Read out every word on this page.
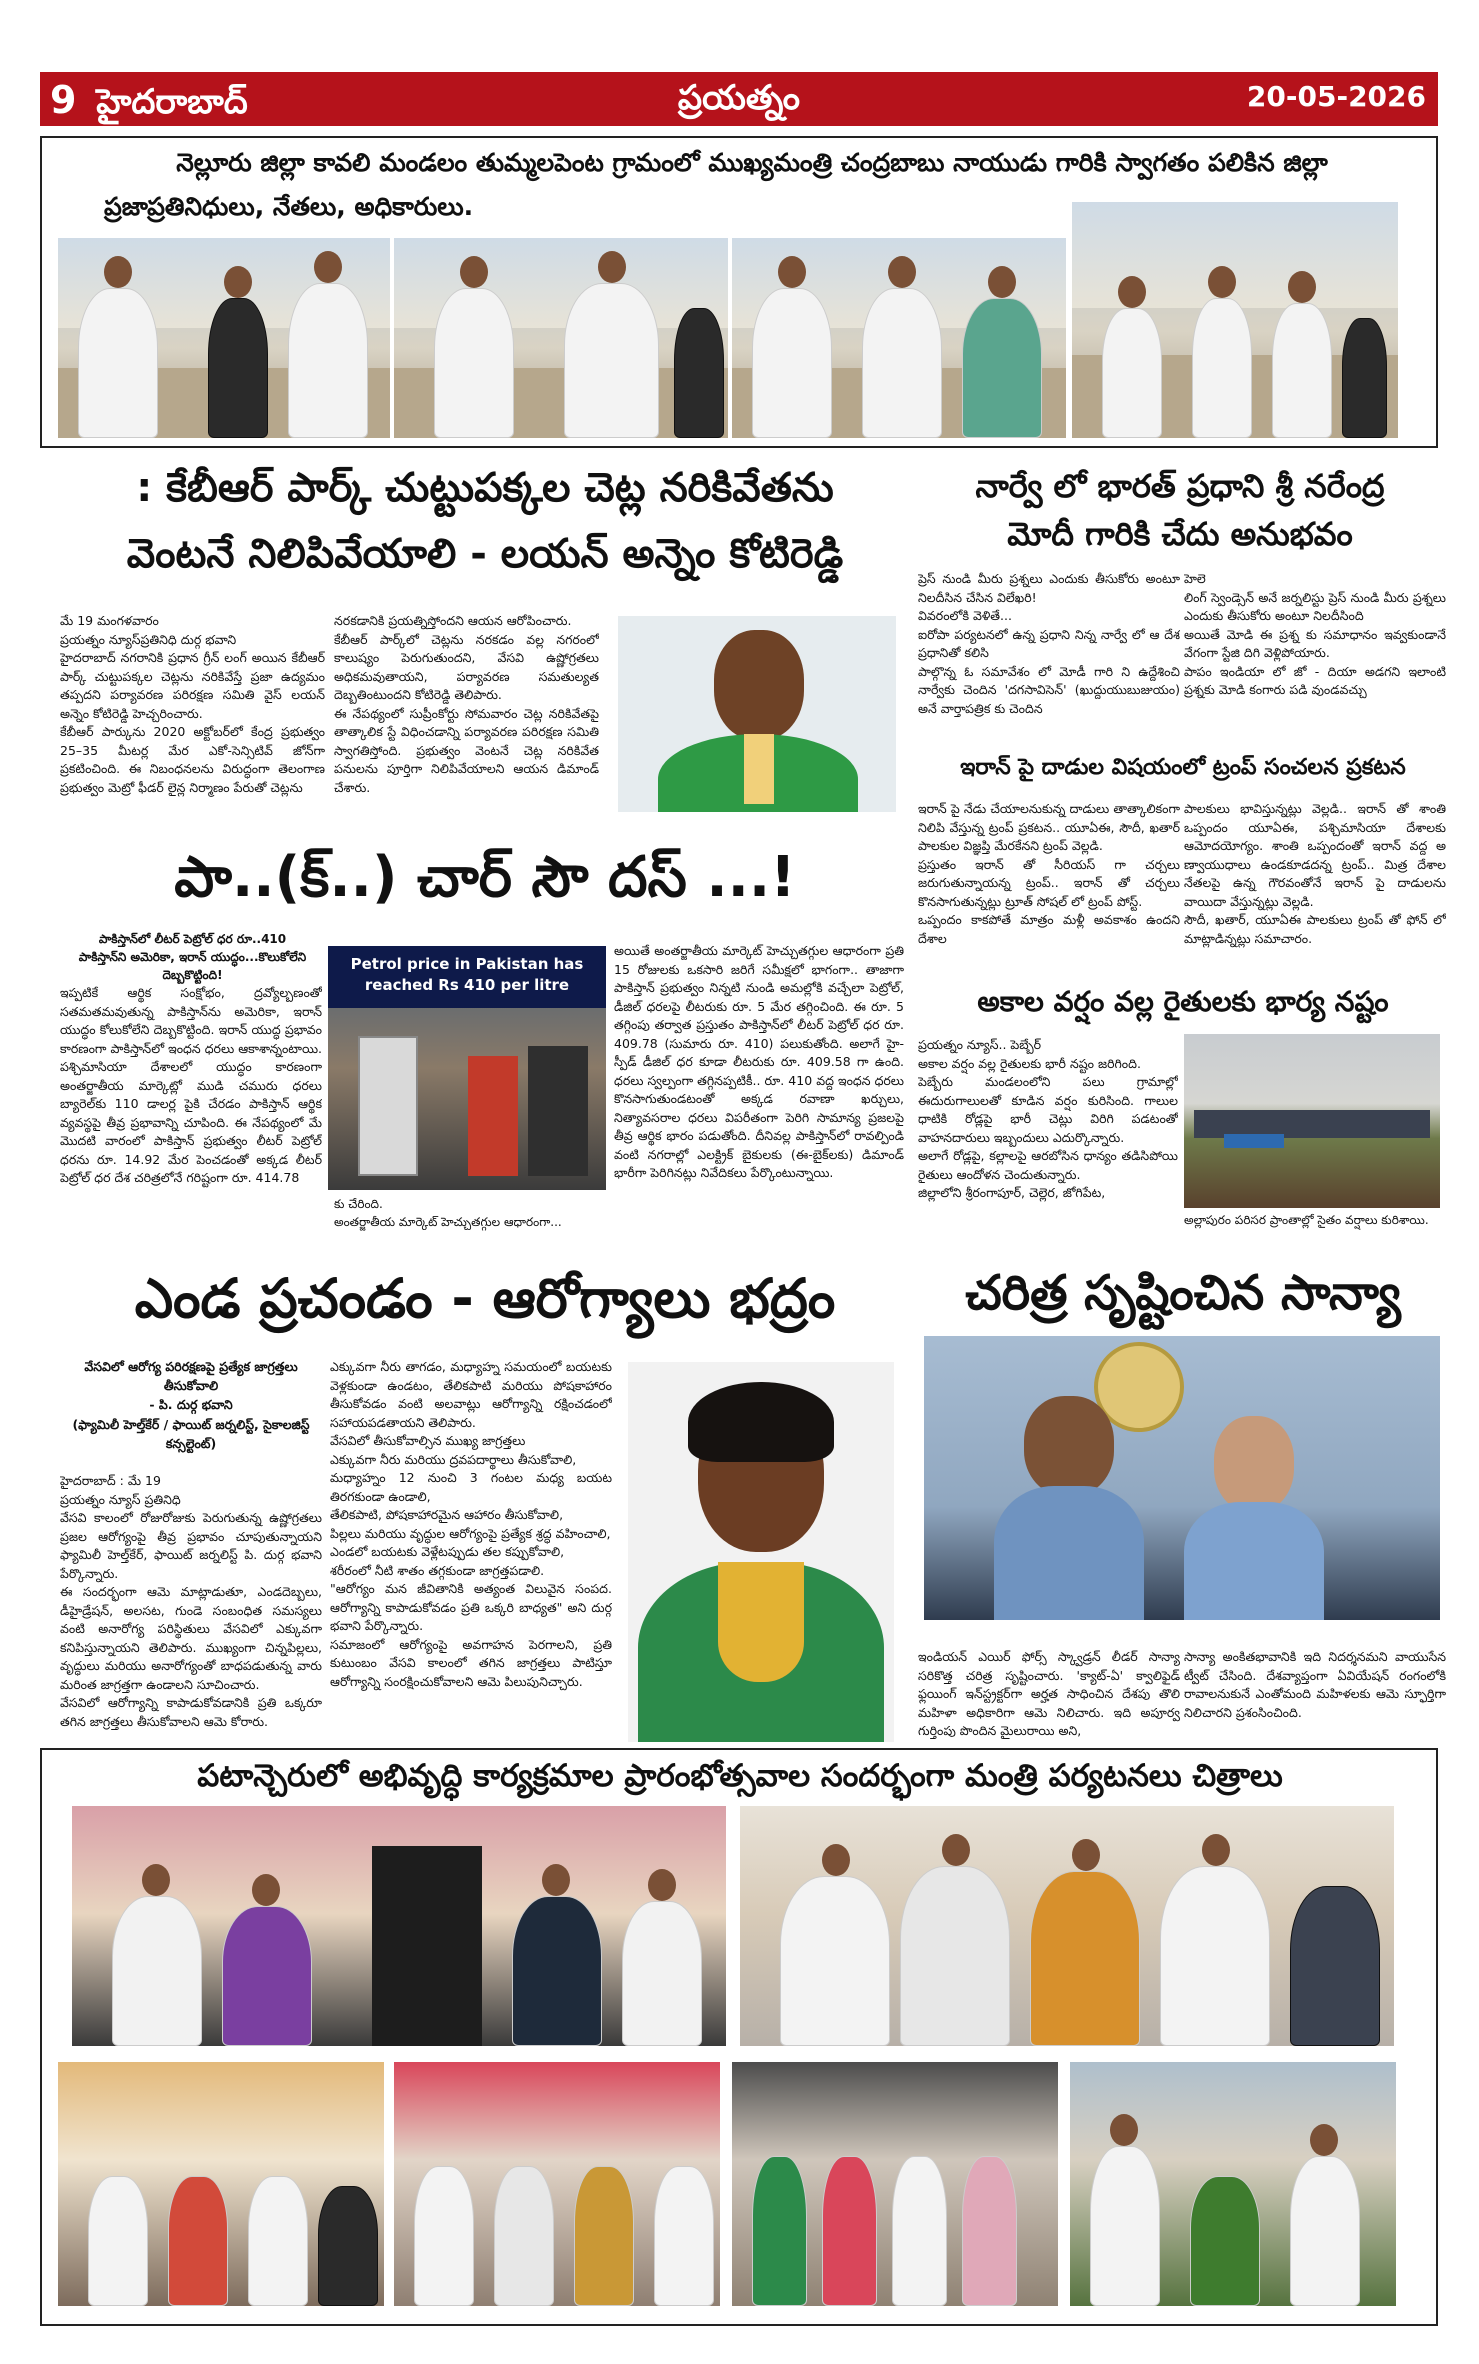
9 హైదరాబాద్	ప్రయత్నం	20-05-2026
నెల్లూరు జిల్లా కావలి మండలం తుమ్మలపెంట గ్రామంలో ముఖ్యమంత్రి చంద్రబాబు నాయుడు గారికి స్వాగతం పలికిన జిల్లా
ప్రజాప్రతినిధులు, నేతలు, అధికారులు.
: కేబీఆర్ పార్క్ చుట్టుపక్కల చెట్ల నరికివేతను
వెంటనే నిలిపివేయాలి - లయన్ అన్నెం కోటిరెడ్డి
మే 19 మంగళవారం
ప్రయత్నం న్యూస్‌ప్రతినిధి దుర్గ భవాని
హైదరాబాద్ నగరానికి ప్రధాన గ్రీన్ లంగ్ అయిన కేబీఆర్ పార్క్ చుట్టుపక్కల చెట్లను నరికివేస్తే ప్రజా ఉద్యమం తప్పదని పర్యావరణ పరిరక్షణ సమితి వైస్ లయన్ అన్నెం కోటిరెడ్డి హెచ్చరించారు.
కేబీఆర్ పార్కును 2020 అక్టోబర్‌లో కేంద్ర ప్రభుత్వం 25–35 మీటర్ల మేర ఎకో-సెన్సిటివ్ జోన్‌గా ప్రకటించింది. ఈ నిబంధనలను విరుద్ధంగా తెలంగాణ ప్రభుత్వం మెట్రో ఫీడర్ లైన్ల నిర్మాణం పేరుతో చెట్లను
నరకడానికి ప్రయత్నిస్తోందని ఆయన ఆరోపించారు.
కేబీఆర్ పార్క్‌లో చెట్లను నరకడం వల్ల నగరంలో కాలుష్యం పెరుగుతుందని, వేసవి ఉష్ణోగ్రతలు అధికమవుతాయని, పర్యావరణ సమతుల్యత దెబ్బతింటుందని కోటిరెడ్డి తెలిపారు.
ఈ నేపథ్యంలో సుప్రీంకోర్టు సోమవారం చెట్ల నరికివేతపై తాత్కాలిక స్టే విధించడాన్ని పర్యావరణ పరిరక్షణ సమితి స్వాగతిస్తోంది. ప్రభుత్వం వెంటనే చెట్ల నరికివేత పనులను పూర్తిగా నిలిపివేయాలని ఆయన డిమాండ్ చేశారు.
నార్వే లో భారత్ ప్రధాని శ్రీ నరేంద్ర
మోదీ గారికి చేదు అనుభవం
ప్రెస్ నుండి మీరు ప్రశ్నలు ఎందుకు తీసుకోరు అంటూ నిలదీసిన చేసిన విలేఖరి!
వివరంలోకి వెళితే...
ఐరోపా పర్యటనలో ఉన్న ప్రధాని నిన్న నార్వే లో ఆ దేశ ప్రధానితో కలిసి
పాల్గొన్న ఓ సమావేశం లో మోడీ గారి ని ఉద్దేశించి నార్వేకు చెందిన 'దగసావిసెన్' (ఖుద్దుయుబుజుయం) అనే వార్తాపత్రిక కు చెందిన
హెలె
లింగ్ స్వెండ్సెన్ అనే జర్నలిస్టు ప్రెస్ నుండి మీరు ప్రశ్నలు ఎందుకు తీసుకోరు అంటూ నిలదీసింది
అయితే మోడి ఈ ప్రశ్న కు సమాధానం ఇవ్వకుండానే వేగంగా స్టేజి దిగి వెళ్లిపోయారు.
పాపం ఇండియా లో జో - దియా అడగని ఇలాంటి ప్రశ్నకు మోడి కంగారు పడి వుండవచ్చు
ఇరాన్ పై దాడుల విషయంలో ట్రంప్ సంచలన ప్రకటన
ఇరాన్ పై నేడు చేయాలనుకున్న దాడులు తాత్కాలికంగా నిలిపి వేస్తున్న ట్రంప్ ప్రకటన.. యూఏఈ, సౌదీ, ఖతార్ పాలకుల విజ్ఞప్తి మేరకేనని ట్రంప్ వెల్లడి.
ప్రస్తుతం ఇరాన్ తో సీరియస్ గా చర్చలు జరుగుతున్నాయన్న ట్రంప్.. ఇరాన్ తో చర్చలు కొనసాగుతున్నట్లు ట్రూత్ సోషల్ లో ట్రంప్ పోస్ట్.
ఒప్పందం కాకపోతే మాత్రం మళ్లీ అవకాశం ఉందని దేశాల
పాలకులు భావిస్తున్నట్లు వెల్లడి.. ఇరాన్ తో శాంతి ఒప్పందం యూఏఈ, పశ్చిమాసియా దేశాలకు ఆమోదయోగ్యం. శాంతి ఒప్పందంతో ఇరాన్ వద్ద అ ణ్వాయుధాలు ఉండకూడదన్న ట్రంప్.. మిత్ర దేశాల నేతలపై ఉన్న గౌరవంతోనే ఇరాన్ పై దాడులను వాయిదా వేస్తున్నట్లు వెల్లడి.
సౌదీ, ఖతార్, యూఏఈ పాలకులు ట్రంప్ తో ఫోన్ లో మాట్లాడిన్నట్లు సమాచారం.
పా..(క్..) చార్ సౌ దస్ ...!
పాకిస్తాన్‌లో లీటర్ పెట్రోల్ ధర రూ..410
పాకిస్తాన్‌ని అమెరికా, ఇరాన్ యుద్ధం...కొలుకోలేని దెబ్బకొట్టింది!
ఇప్పటికే ఆర్థిక సంక్షోభం, ద్రవ్యోల్బణంతో సతమతమవుతున్న పాకిస్తాన్‌ను అమెరికా, ఇరాన్ యుద్ధం కోలుకోలేని దెబ్బకొట్టింది. ఇరాన్ యుద్ధ ప్రభావం కారణంగా పాకిస్తాన్‌లో ఇంధన ధరలు ఆకాశాన్నంటాయి. పశ్చిమాసియా దేశాలలో యుద్ధం కారణంగా అంతర్జాతీయ మార్కెట్లో ముడి చమురు ధరలు బ్యారెల్‌కు 110 డాలర్ల పైకి చేరడం పాకిస్తాన్ ఆర్థిక వ్యవస్థపై తీవ్ర ప్రభావాన్ని చూపింది. ఈ నేపథ్యంలో మే మొదటి వారంలో పాకిస్తాన్ ప్రభుత్వం లీటర్ పెట్రోల్ ధరను రూ. 14.92 మేర పెంచడంతో అక్కడ లీటర్ పెట్రోల్ ధర దేశ చరిత్రలోనే గరిష్టంగా రూ. 414.78
Petrol price in Pakistan has
reached Rs 410 per litre
కు చేరింది.
అంతర్జాతీయ మార్కెట్ హెచ్చుతగ్గుల ఆధారంగా...
అయితే అంతర్జాతీయ మార్కెట్ హెచ్చుతగ్గుల ఆధారంగా ప్రతి 15 రోజులకు ఒకసారి జరిగే సమీక్షలో భాగంగా.. తాజాగా పాకిస్తాన్ ప్రభుత్వం నిన్నటి నుండి అమల్లోకి వచ్చేలా పెట్రోల్, డీజిల్ ధరలపై లీటరుకు రూ. 5 మేర తగ్గించింది. ఈ రూ. 5 తగ్గింపు తర్వాత ప్రస్తుతం పాకిస్తాన్‌లో లీటర్ పెట్రోల్ ధర రూ. 409.78 (సుమారు రూ. 410) పలుకుతోంది. అలాగే హై-స్పీడ్ డీజిల్ ధర కూడా లీటరుకు రూ. 409.58 గా ఉంది. ధరలు స్వల్పంగా తగ్గినప్పటికీ.. రూ. 410 వద్ద ఇంధన ధరలు కొనసాగుతుండటంతో అక్కడ రవాణా ఖర్చులు, నిత్యావసరాల ధరలు విపరీతంగా పెరిగి సామాన్య ప్రజలపై తీవ్ర ఆర్థిక భారం పడుతోంది. దీనివల్ల పాకిస్తాన్‌లో రావల్పిండి వంటి నగరాల్లో ఎలక్ట్రిక్ బైకులకు (ఈ-బైక్‌లకు) డిమాండ్ భారీగా పెరిగినట్లు నివేదికలు పేర్కొంటున్నాయి.
అకాల వర్షం వల్ల రైతులకు భార్య నష్టం
ప్రయత్నం న్యూస్.. పెబ్బేర్
అకాల వర్షం వల్ల రైతులకు భారీ నష్టం జరిగింది.
పెబ్బేరు మండలంలోని పలు గ్రామాల్లో ఈదురుగాలులతో కూడిన వర్షం కురిసింది. గాలుల ధాటికి రోడ్లపై భారీ చెట్లు విరిగి పడటంతో వాహనదారులు ఇబ్బందులు ఎదుర్కొన్నారు.
అలాగే రోడ్లపై, కల్లాలపై ఆరబోసిన ధాన్యం తడిసిపోయి రైతులు ఆందోళన చెందుతున్నారు.
జిల్లాలోని శ్రీరంగాపూర్, చెల్లెర, జోగిపేట,
అల్లాపురం పరిసర ప్రాంతాల్లో సైతం వర్షాలు కురిశాయి.
ఎండ ప్రచండం - ఆరోగ్యాలు భద్రం
వేసవిలో ఆరోగ్య పరిరక్షణపై ప్రత్యేక జాగ్రత్తలు తీసుకోవాలి
- పి. దుర్గ భవాని
(ఫ్యామిలీ హెల్త్‌కేర్ / ఫాయిట్ జర్నలిస్ట్, సైకాలజిస్ట్ కన్సల్టెంట్)
హైదరాబాద్ : మే 19
ప్రయత్నం న్యూస్ ప్రతినిధి
వేసవి కాలంలో రోజురోజుకు పెరుగుతున్న ఉష్ణోగ్రతలు ప్రజల ఆరోగ్యంపై తీవ్ర ప్రభావం చూపుతున్నాయని ఫ్యామిలీ హెల్త్‌కేర్, ఫాయిట్ జర్నలిస్ట్ పి. దుర్గ భవాని పేర్కొన్నారు.
ఈ సందర్భంగా ఆమె మాట్లాడుతూ, ఎండదెబ్బలు, డీహైడ్రేషన్, అలసట, గుండె సంబంధిత సమస్యలు వంటి అనారోగ్య పరిస్థితులు వేసవిలో ఎక్కువగా కనిపిస్తున్నాయని తెలిపారు. ముఖ్యంగా చిన్నపిల్లలు, వృద్ధులు మరియు అనారోగ్యంతో బాధపడుతున్న వారు మరింత జాగ్రత్తగా ఉండాలని సూచించారు.
వేసవిలో ఆరోగ్యాన్ని కాపాడుకోవడానికి ప్రతి ఒక్కరూ తగిన జాగ్రత్తలు తీసుకోవాలని ఆమె కోరారు.
ఎక్కువగా నీరు తాగడం, మధ్యాహ్న సమయంలో బయటకు వెళ్లకుండా ఉండటం, తేలికపాటి మరియు పోషకాహారం తీసుకోవడం వంటి అలవాట్లు ఆరోగ్యాన్ని రక్షించడంలో సహాయపడతాయని తెలిపారు.
వేసవిలో తీసుకోవాల్సిన ముఖ్య జాగ్రత్తలు
ఎక్కువగా నీరు మరియు ద్రవపదార్థాలు తీసుకోవాలి,
మధ్యాహ్నం 12 నుంచి 3 గంటల మధ్య బయట తిరగకుండా ఉండాలి,
తేలికపాటి, పోషకాహారమైన ఆహారం తీసుకోవాలి,
పిల్లలు మరియు వృద్ధుల ఆరోగ్యంపై ప్రత్యేక శ్రద్ధ వహించాలి,
ఎండలో బయటకు వెళ్లేటప్పుడు తల కప్పుకోవాలి,
శరీరంలో నీటి శాతం తగ్గకుండా జాగ్రత్తపడాలి.
"ఆరోగ్యం మన జీవితానికి అత్యంత విలువైన సంపద. ఆరోగ్యాన్ని కాపాడుకోవడం ప్రతి ఒక్కరి బాధ్యత" అని దుర్గ భవాని పేర్కొన్నారు.
సమాజంలో ఆరోగ్యంపై అవగాహన పెరగాలని, ప్రతి కుటుంబం వేసవి కాలంలో తగిన జాగ్రత్తలు పాటిస్తూ ఆరోగ్యాన్ని సంరక్షించుకోవాలని ఆమె పిలుపునిచ్చారు.
చరిత్ర సృష్టించిన సాన్యా
ఇండియన్ ఎయిర్ ఫోర్స్ స్క్వాడ్రన్ లీడర్ సాన్యా సరికొత్త చరిత్ర సృష్టించారు. 'క్యాట్-ఏ' క్వాలిఫైడ్ ఫ్లయింగ్ ఇన్‌స్ట్రక్టర్‌గా అర్హత సాధించిన దేశపు తొలి మహిళా అధికారిగా ఆమె నిలిచారు. ఇది అపూర్వ గుర్తింపు పొందిన మైలురాయి అని,
సాన్యా అంకితభావానికి ఇది నిదర్శనమని వాయుసేన ట్వీట్ చేసింది. దేశవ్యాప్తంగా ఏవియేషన్ రంగంలోకి రావాలనుకునే ఎంతోమంది మహిళలకు ఆమె స్ఫూర్తిగా నిలిచారని ప్రశంసించింది.
పటాన్చెరులో అభివృద్ధి కార్యక్రమాల ప్రారంభోత్సవాల సందర్భంగా మంత్రి పర్యటనలు చిత్రాలు
